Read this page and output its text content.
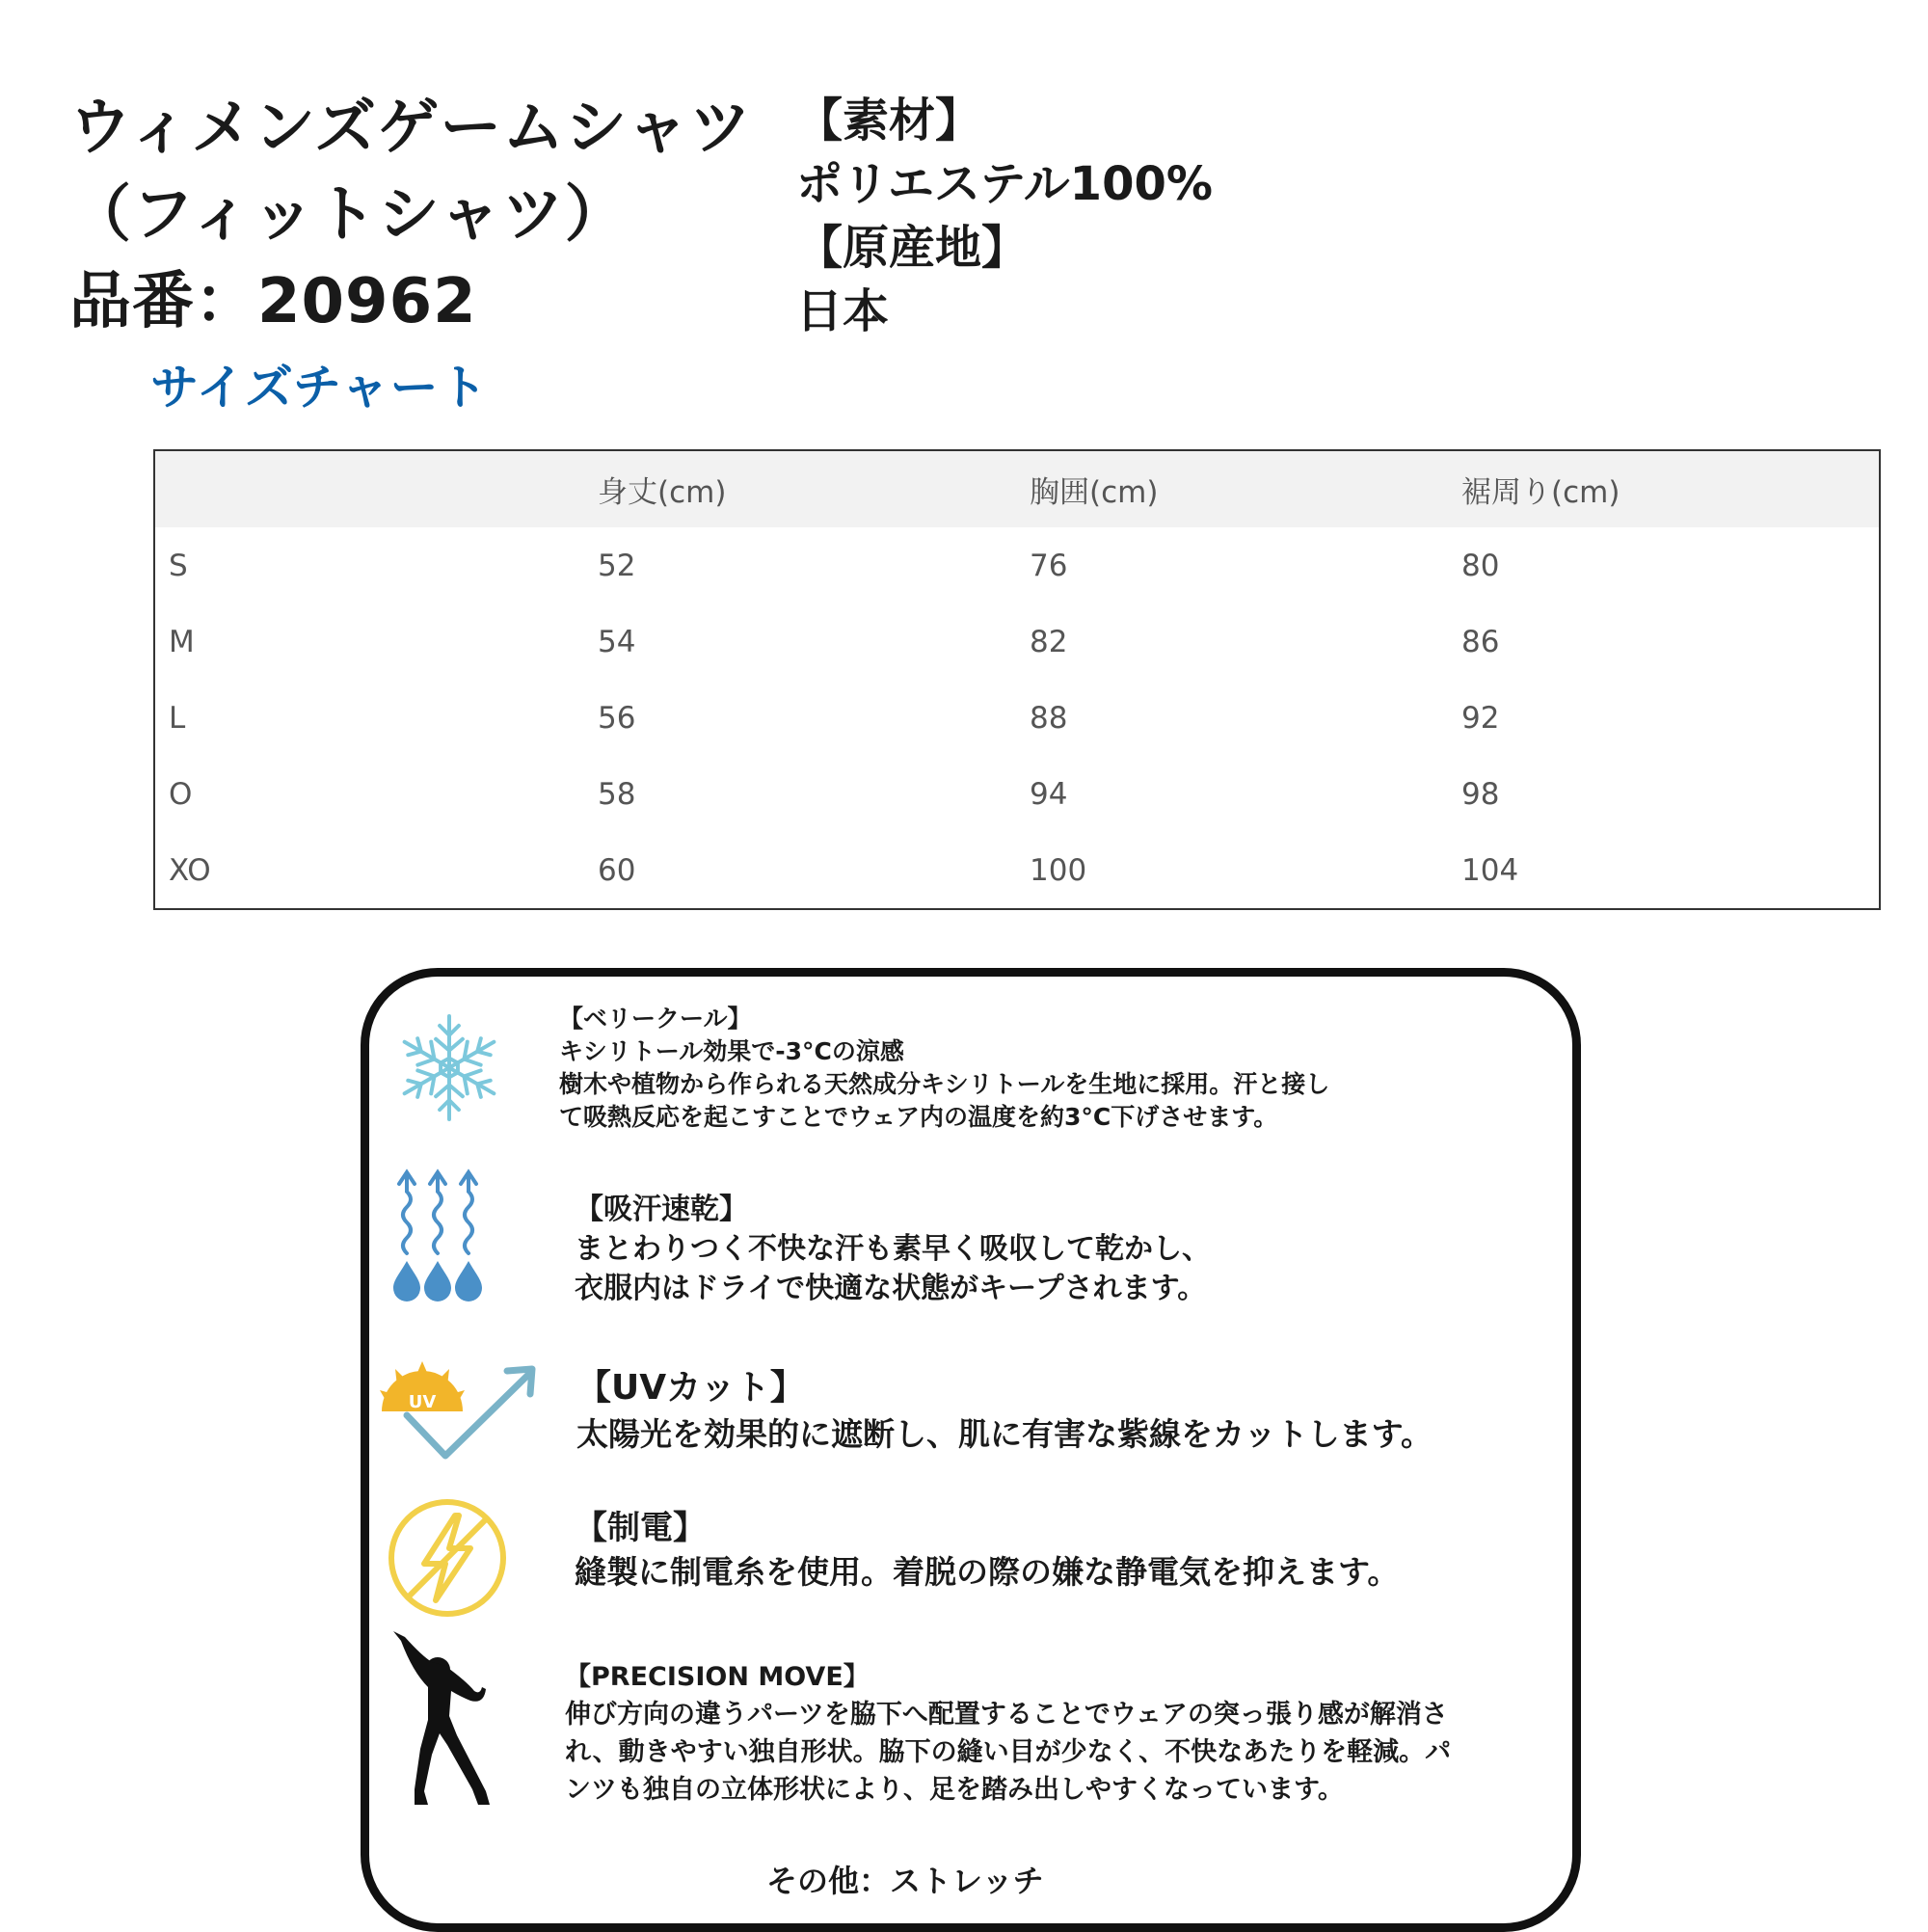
ウィメンズゲームシャツ
（フィットシャツ）
品番：20962
【素材】
ポリエステル100%
【原産地】
日本
サイズチャート
	身丈(cm)	胸囲(cm)	裾周り(cm)
S	52	76	80
M	54	82	86
L	56	88	92
O	58	94	98
XO	60	100	104
【ベリークール】
キシリトール効果で-3°Cの涼感
樹木や植物から作られる天然成分キシリトールを生地に採用。汗と接し
て吸熱反応を起こすことでウェア内の温度を約3°C下げさせます。
【吸汗速乾】
まとわりつく不快な汗も素早く吸収して乾かし、
衣服内はドライで快適な状態がキープされます。
UV	【UVカット】
太陽光を効果的に遮断し、肌に有害な紫線をカットします。
【制電】
縫製に制電糸を使用。着脱の際の嫌な静電気を抑えます。
【PRECISION MOVE】
伸び方向の違うパーツを脇下へ配置することでウェアの突っ張り感が解消さ
れ、動きやすい独自形状。脇下の縫い目が少なく、不快なあたりを軽減。パ
ンツも独自の立体形状により、足を踏み出しやすくなっています。
その他：ストレッチ
